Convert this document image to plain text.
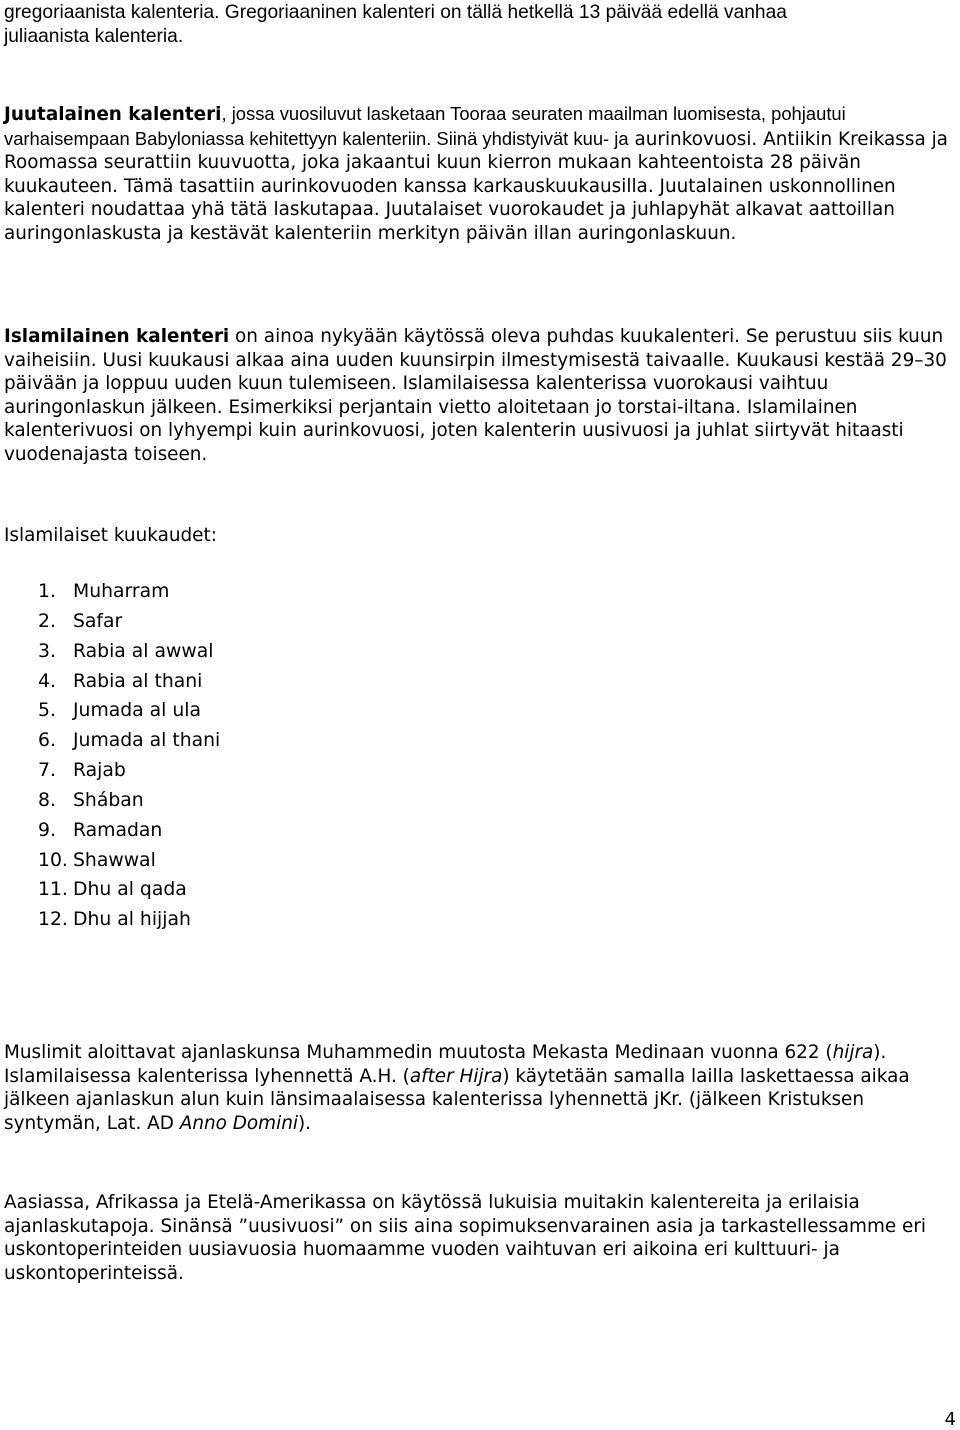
gregoriaanista kalenteria. Gregoriaaninen kalenteri on tällä hetkellä 13 päivää edellä vanhaa
juliaanista kalenteria.

Juutalainen kalenteri, jossa vuosiluvut lasketaan Tooraa seuraten maailman luomisesta, pohjautui varhaisempaan Babyloniassa kehitettyyn kalenteriin. Siinä yhdistyivät kuu- ja aurinkovuosi. Antiikin Kreikassa ja Roomassa seurattiin kuuvuotta, joka jakaantui kuun kierron mukaan kahteentoista 28 päivän kuukauteen. Tämä tasattiin aurinkovuoden kanssa karkauskuukausilla. Juutalainen uskonnollinen kalenteri noudattaa yhä tätä laskutapaa. Juutalaiset vuorokaudet ja juhlapyhät alkavat aattoillan auringonlaskusta ja kestävät kalenteriin merkityn päivän illan auringonlaskuun.

Islamilainen kalenteri on ainoa nykyään käytössä oleva puhdas kuukalenteri. Se perustuu siis kuun vaiheisiin. Uusi kuukausi alkaa aina uuden kuunsirpin ilmestymisestä taivaalle. Kuukausi kestää 29–30 päivään ja loppuu uuden kuun tulemiseen. Islamilaisessa kalenterissa vuorokausi vaihtuu auringonlaskun jälkeen. Esimerkiksi perjantain vietto aloitetaan jo torstai-iltana. Islamilainen kalenterivuosi on lyhyempi kuin aurinkovuosi, joten kalenterin uusivuosi ja juhlat siirtyvät hitaasti vuodenajasta toiseen.

Islamilaiset kuukaudet:

1. Muharram
2. Safar
3. Rabia al awwal
4. Rabia al thani
5. Jumada al ula
6. Jumada al thani
7. Rajab
8. Shában
9. Ramadan
10. Shawwal
11. Dhu al qada
12. Dhu al hijjah

Muslimit aloittavat ajanlaskunsa Muhammedin muutosta Mekasta Medinaan vuonna 622 (hijra). Islamilaisessa kalenterissa lyhennettä A.H. (after Hijra) käytetään samalla lailla laskettaessa aikaa jälkeen ajanlaskun alun kuin länsimaalaisessa kalenterissa lyhennettä jKr. (jälkeen Kristuksen syntymän, Lat. AD Anno Domini).

Aasiassa, Afrikassa ja Etelä-Amerikassa on käytössä lukuisia muitakin kalentereita ja erilaisia ajanlaskutapoja. Sinänsä ”uusivuosi” on siis aina sopimuksenvarainen asia ja tarkastellessamme eri uskontoperinteiden uusiavuosia huomaamme vuoden vaihtuvan eri aikoina eri kulttuuri- ja uskontoperinteissä.

4
